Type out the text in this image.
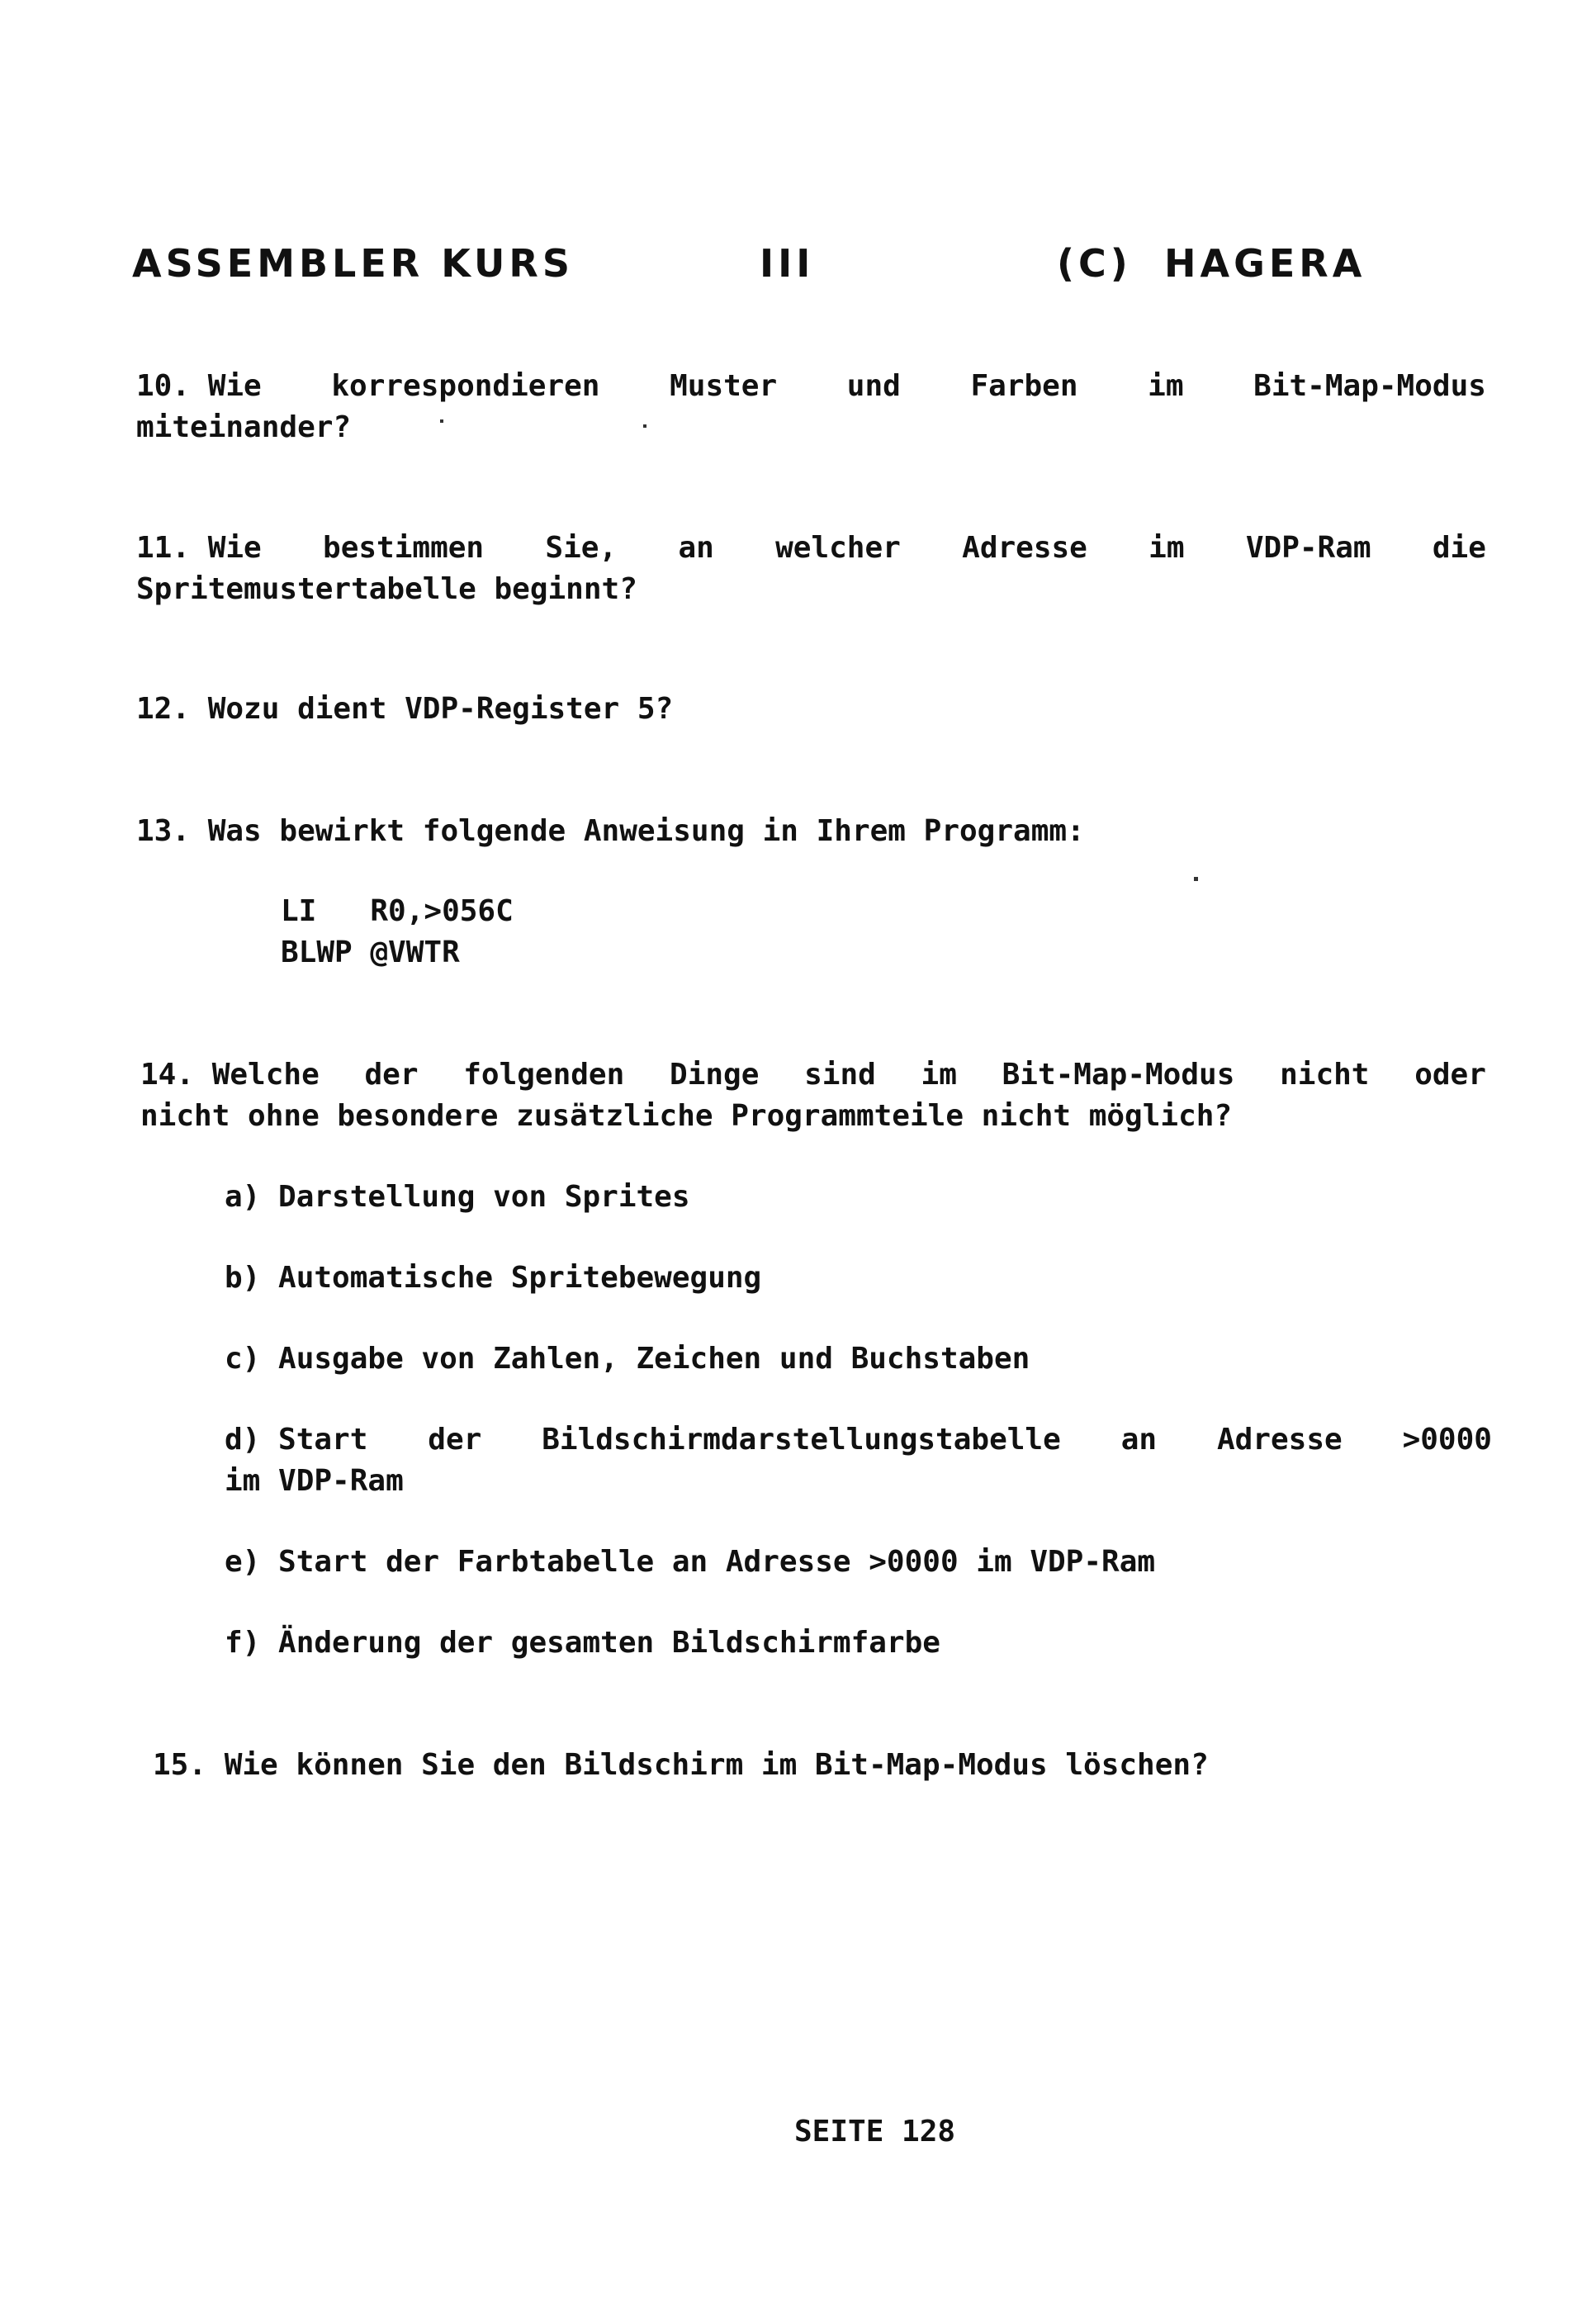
ASSEMBLER KURS	III	(C) HAGERA
10. Wie korrespondieren Muster und Farben im Bit-Map-Modus
miteinander?
11. Wie bestimmen Sie, an welcher Adresse im VDP-Ram die
Spritemustertabelle beginnt?
12. Wozu dient VDP-Register 5?
13. Was bewirkt folgende Anweisung in Ihrem Programm:
LI   R0,>056C
BLWP @VWTR
14. Welche der folgenden Dinge sind im Bit-Map-Modus nicht oder
nicht ohne besondere zusätzliche Programmteile nicht möglich?
a) Darstellung von Sprites
b) Automatische Spritebewegung
c) Ausgabe von Zahlen, Zeichen und Buchstaben
d) Start der Bildschirmdarstellungstabelle an Adresse >0000
im VDP-Ram
e) Start der Farbtabelle an Adresse >0000 im VDP-Ram
f) Änderung der gesamten Bildschirmfarbe
15. Wie können Sie den Bildschirm im Bit-Map-Modus löschen?
SEITE 128
